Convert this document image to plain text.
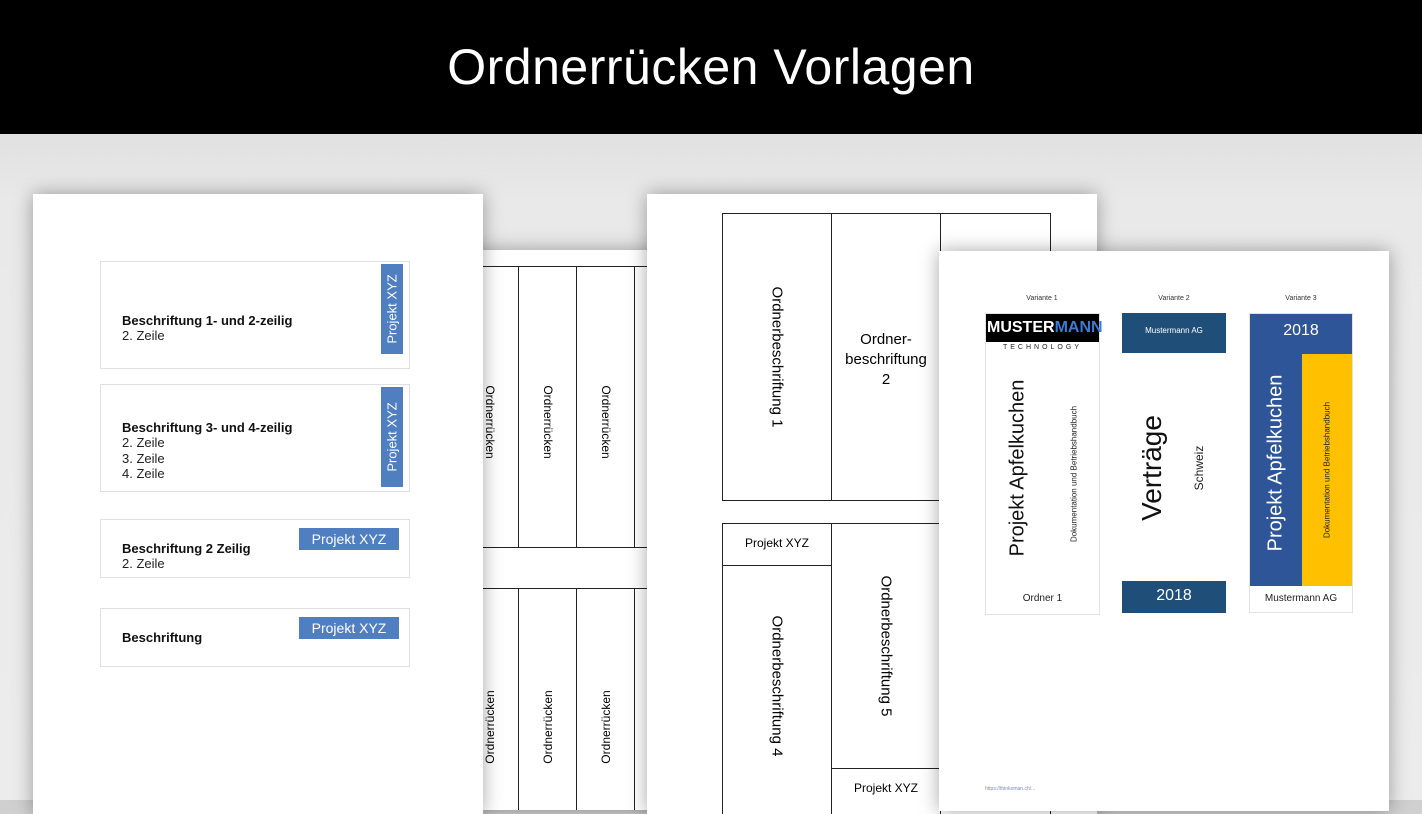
Ordnerrücken Vorlagen
Ordnerrücken	Ordnerrücken	Ordnerrücken
Ordnerrücken	Ordnerrücken	Ordnerrücken
Beschriftung 1- und 2-zeilig
2. Zeile	Projekt XYZ
Beschriftung 3- und 4-zeilig
2. Zeile
3. Zeile
4. Zeile
Projekt XYZ
Beschriftung 2 Zeilig
2. Zeile
Projekt XYZ
Beschriftung
Projekt XYZ
Ordnerbeschriftung 1	Ordner-
beschriftung
2
Projekt XYZ
Ordnerbeschriftung 4	Ordnerbeschriftung 5
Projekt XYZ
Variante 1	Variante 2	Variante 3
MUSTERMANN
TECHNOLOGY
Projekt Apfelkuchen	Dokumentation und Betriebshandbuch
Ordner 1
Mustermann AG
Verträge Schweiz
2018
2018
Dokumentation und Betriebshandbuch
Projekt Apfelkuchen
Mustermann AG
https://thinkoman.ch/...
